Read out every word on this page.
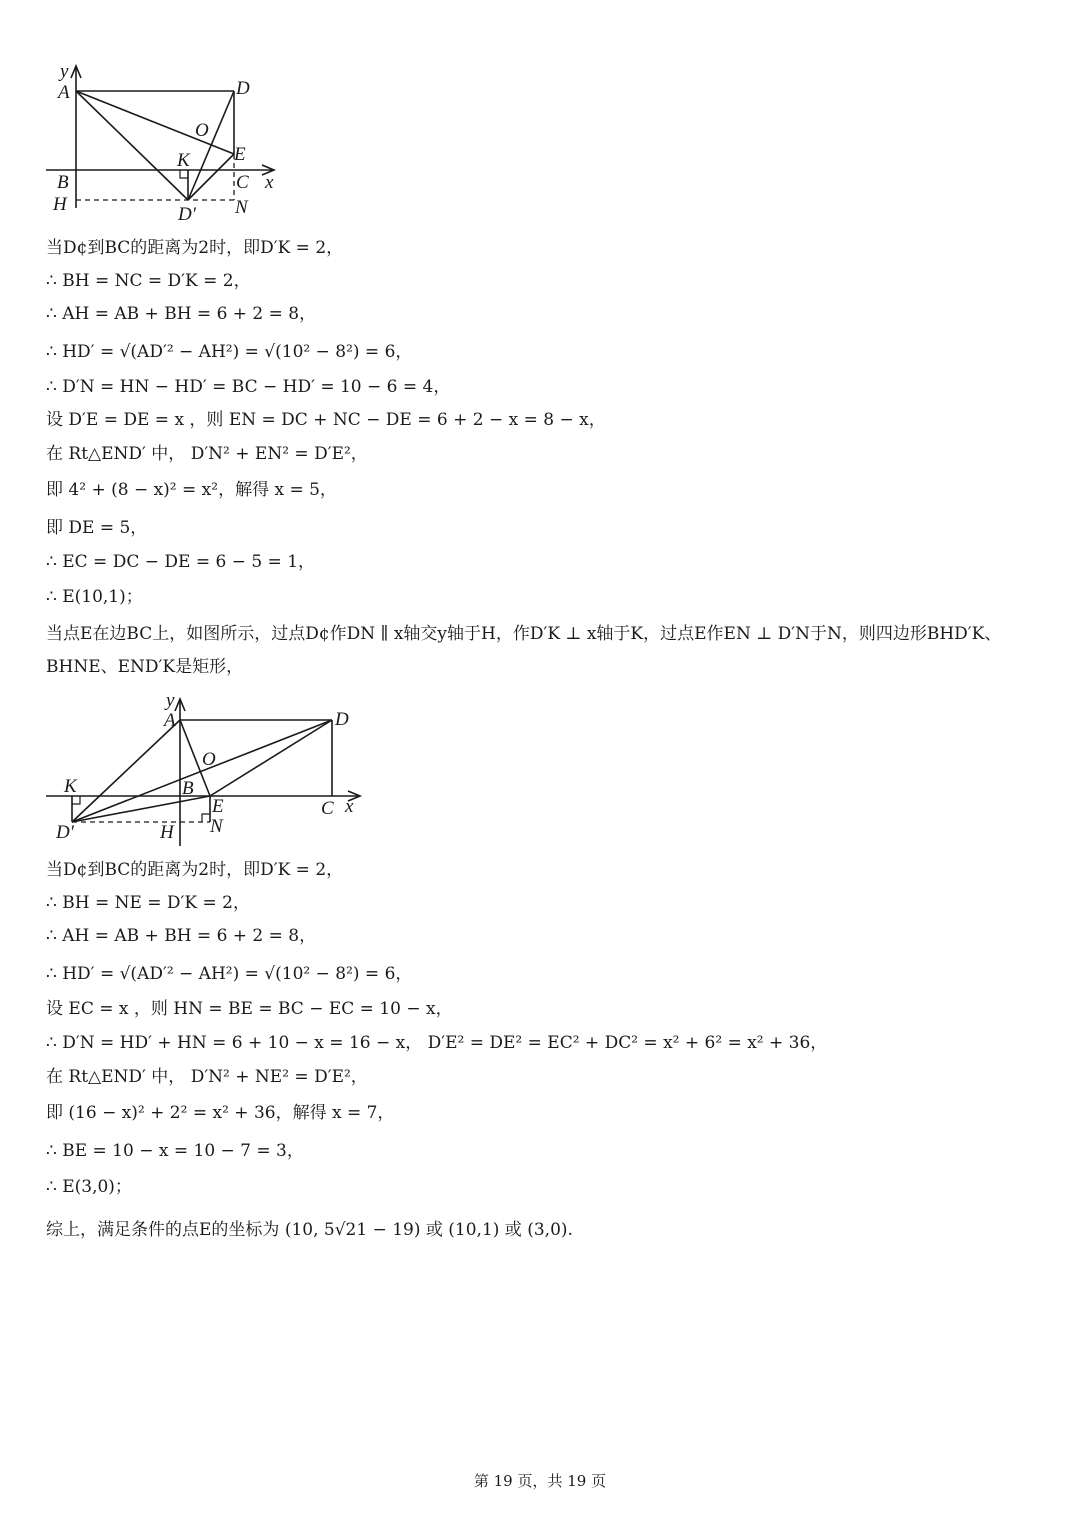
y
A	D
O
K E
B	C x
H	D′ N
当D¢到BC的距离为2时，即D′K = 2，
∴ BH = NC = D′K = 2，
∴ AH = AB + BH = 6 + 2 = 8，
∴ HD′ = √(AD′² − AH²) = √(10² − 8²) = 6，
∴ D′N = HN − HD′ = BC − HD′ = 10 − 6 = 4，
设 D′E = DE = x ，则 EN = DC + NC − DE = 6 + 2 − x = 8 − x，
在 Rt△END′ 中， D′N² + EN² = D′E²，
即 4² + (8 − x)² = x²，解得 x = 5，
即 DE = 5，
∴ EC = DC − DE = 6 − 5 = 1，
∴ E(10,1)；
当点E在边BC上，如图所示，过点D¢作DN ∥ x轴交y轴于H，作D′K ⊥ x轴于K，过点E作EN ⊥ D′N于N，则四边形BHD′K、BHNE、END′K是矩形，
y
A	D
O
K	B
E	C x
D′	H N
当D¢到BC的距离为2时，即D′K = 2，
∴ BH = NE = D′K = 2，
∴ AH = AB + BH = 6 + 2 = 8，
∴ HD′ = √(AD′² − AH²) = √(10² − 8²) = 6，
设 EC = x ，则 HN = BE = BC − EC = 10 − x，
∴ D′N = HD′ + HN = 6 + 10 − x = 16 − x， D′E² = DE² = EC² + DC² = x² + 6² = x² + 36，
在 Rt△END′ 中， D′N² + NE² = D′E²，
即 (16 − x)² + 2² = x² + 36，解得 x = 7，
∴ BE = 10 − x = 10 − 7 = 3，
∴ E(3,0)；
综上，满足条件的点E的坐标为 (10, 5√21 − 19) 或 (10,1) 或 (3,0).
第 19 页，共 19 页
